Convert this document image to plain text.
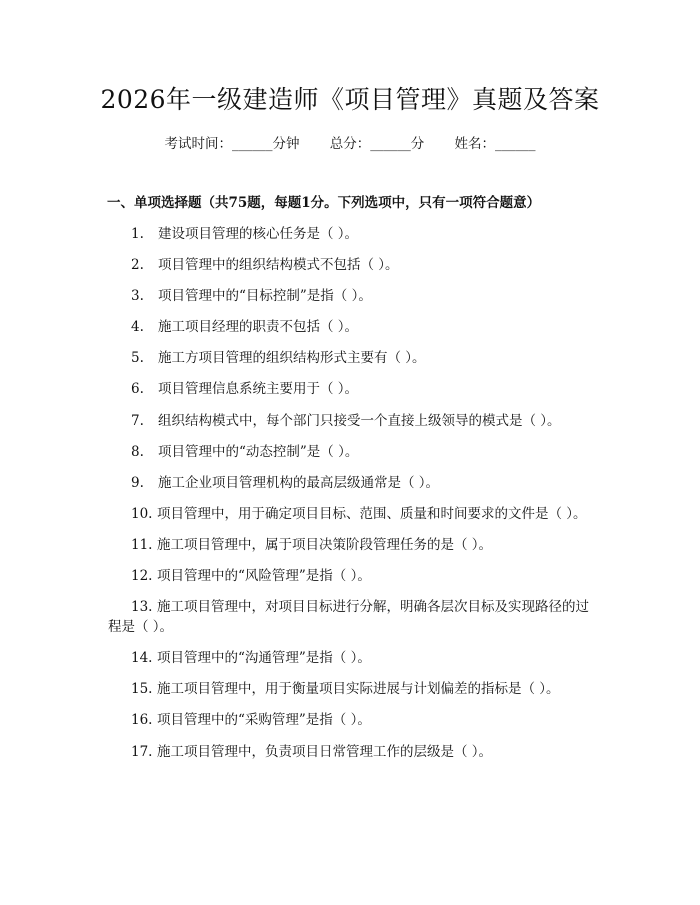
2026年一级建造师《项目管理》真题及答案
考试时间：______分钟 总分：______分 姓名：______
一、单项选择题（共75题，每题1分。下列选项中，只有一项符合题意）
1. 建设项目管理的核心任务是（ ）。
2. 项目管理中的组织结构模式不包括（ ）。
3. 项目管理中的“目标控制”是指（ ）。
4. 施工项目经理的职责不包括（ ）。
5. 施工方项目管理的组织结构形式主要有（ ）。
6. 项目管理信息系统主要用于（ ）。
7. 组织结构模式中，每个部门只接受一个直接上级领导的模式是（ ）。
8. 项目管理中的“动态控制”是（ ）。
9. 施工企业项目管理机构的最高层级通常是（ ）。
10. 项目管理中，用于确定项目目标、范围、质量和时间要求的文件是（ ）。
11. 施工项目管理中，属于项目决策阶段管理任务的是（ ）。
12. 项目管理中的“风险管理”是指（ ）。
13. 施工项目管理中，对项目目标进行分解，明确各层次目标及实现路径的过程是（ ）。
14. 项目管理中的“沟通管理”是指（ ）。
15. 施工项目管理中，用于衡量项目实际进展与计划偏差的指标是（ ）。
16. 项目管理中的“采购管理”是指（ ）。
17. 施工项目管理中，负责项目日常管理工作的层级是（ ）。
